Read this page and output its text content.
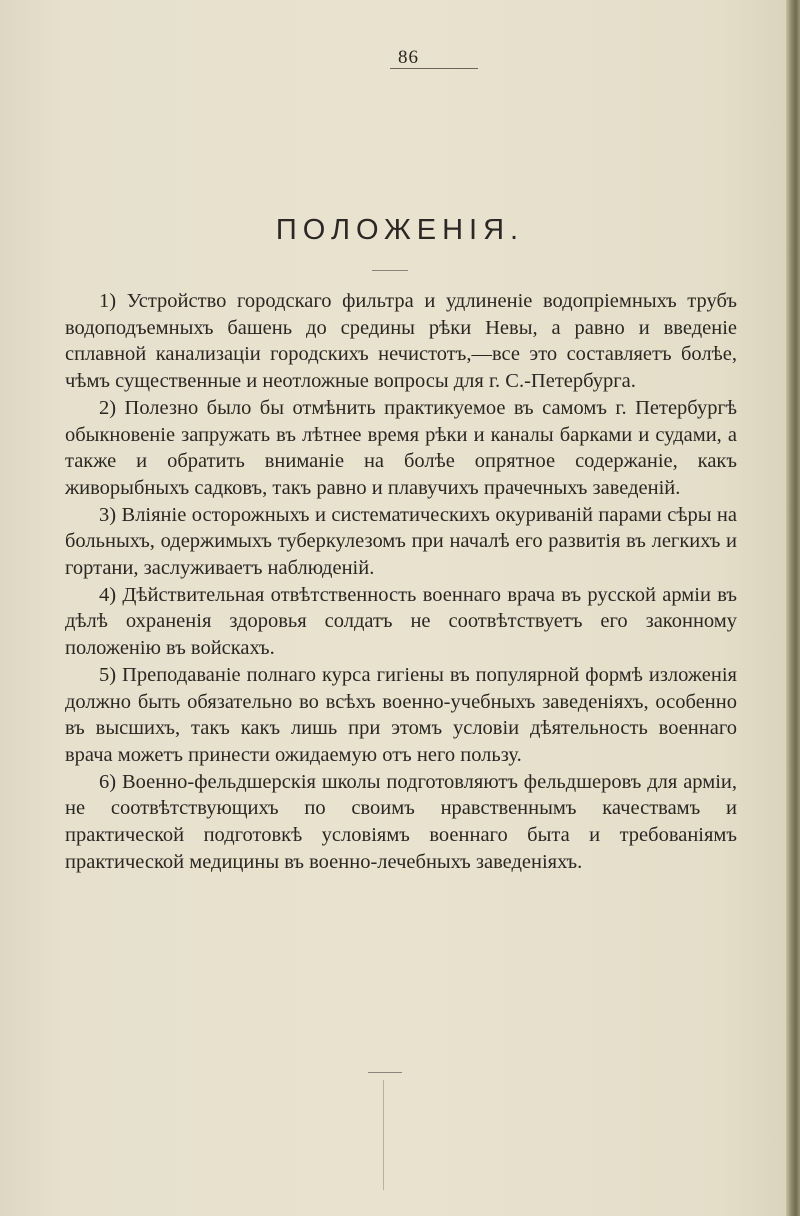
86
ПОЛОЖЕНІЯ.

1) Устройство городскаго фильтра и удлиненіе водопріемныхъ трубъ водоподъемныхъ башень до средины рѣки Невы, а равно и введеніе сплавной канализаціи городскихъ нечистотъ,—все это составляетъ болѣе, чѣмъ существенные и неотложные вопросы для г. С.-Петербурга.

2) Полезно было бы отмѣнить практикуемое въ самомъ г. Петербургѣ обыкновеніе запружать въ лѣтнее время рѣки и каналы барками и судами, а также и обратить вниманіе на болѣе опрятное содержаніе, какъ живорыбныхъ садковъ, такъ равно и плавучихъ прачечныхъ заведеній.

3) Вліяніе осторожныхъ и систематическихъ окуриваній парами сѣры на больныхъ, одержимыхъ туберкулезомъ при началѣ его развитія въ легкихъ и гортани, заслуживаетъ наблюденій.

4) Дѣйствительная отвѣтственность военнаго врача въ русской арміи въ дѣлѣ охраненія здоровья солдатъ не соотвѣтствуетъ его законному положенію въ войскахъ.

5) Преподаваніе полнаго курса гигіены въ популярной формѣ изложенія должно быть обязательно во всѣхъ военно-учебныхъ заведеніяхъ, особенно въ высшихъ, такъ какъ лишь при этомъ условіи дѣятельность военнаго врача можетъ принести ожидаемую отъ него пользу.

6) Военно-фельдшерскія школы подготовляютъ фельдшеровъ для арміи, не соотвѣтствующихъ по своимъ нравственнымъ качествамъ и практической подготовкѣ условіямъ военнаго быта и требованіямъ практической медицины въ военно-лечебныхъ заведеніяхъ.
